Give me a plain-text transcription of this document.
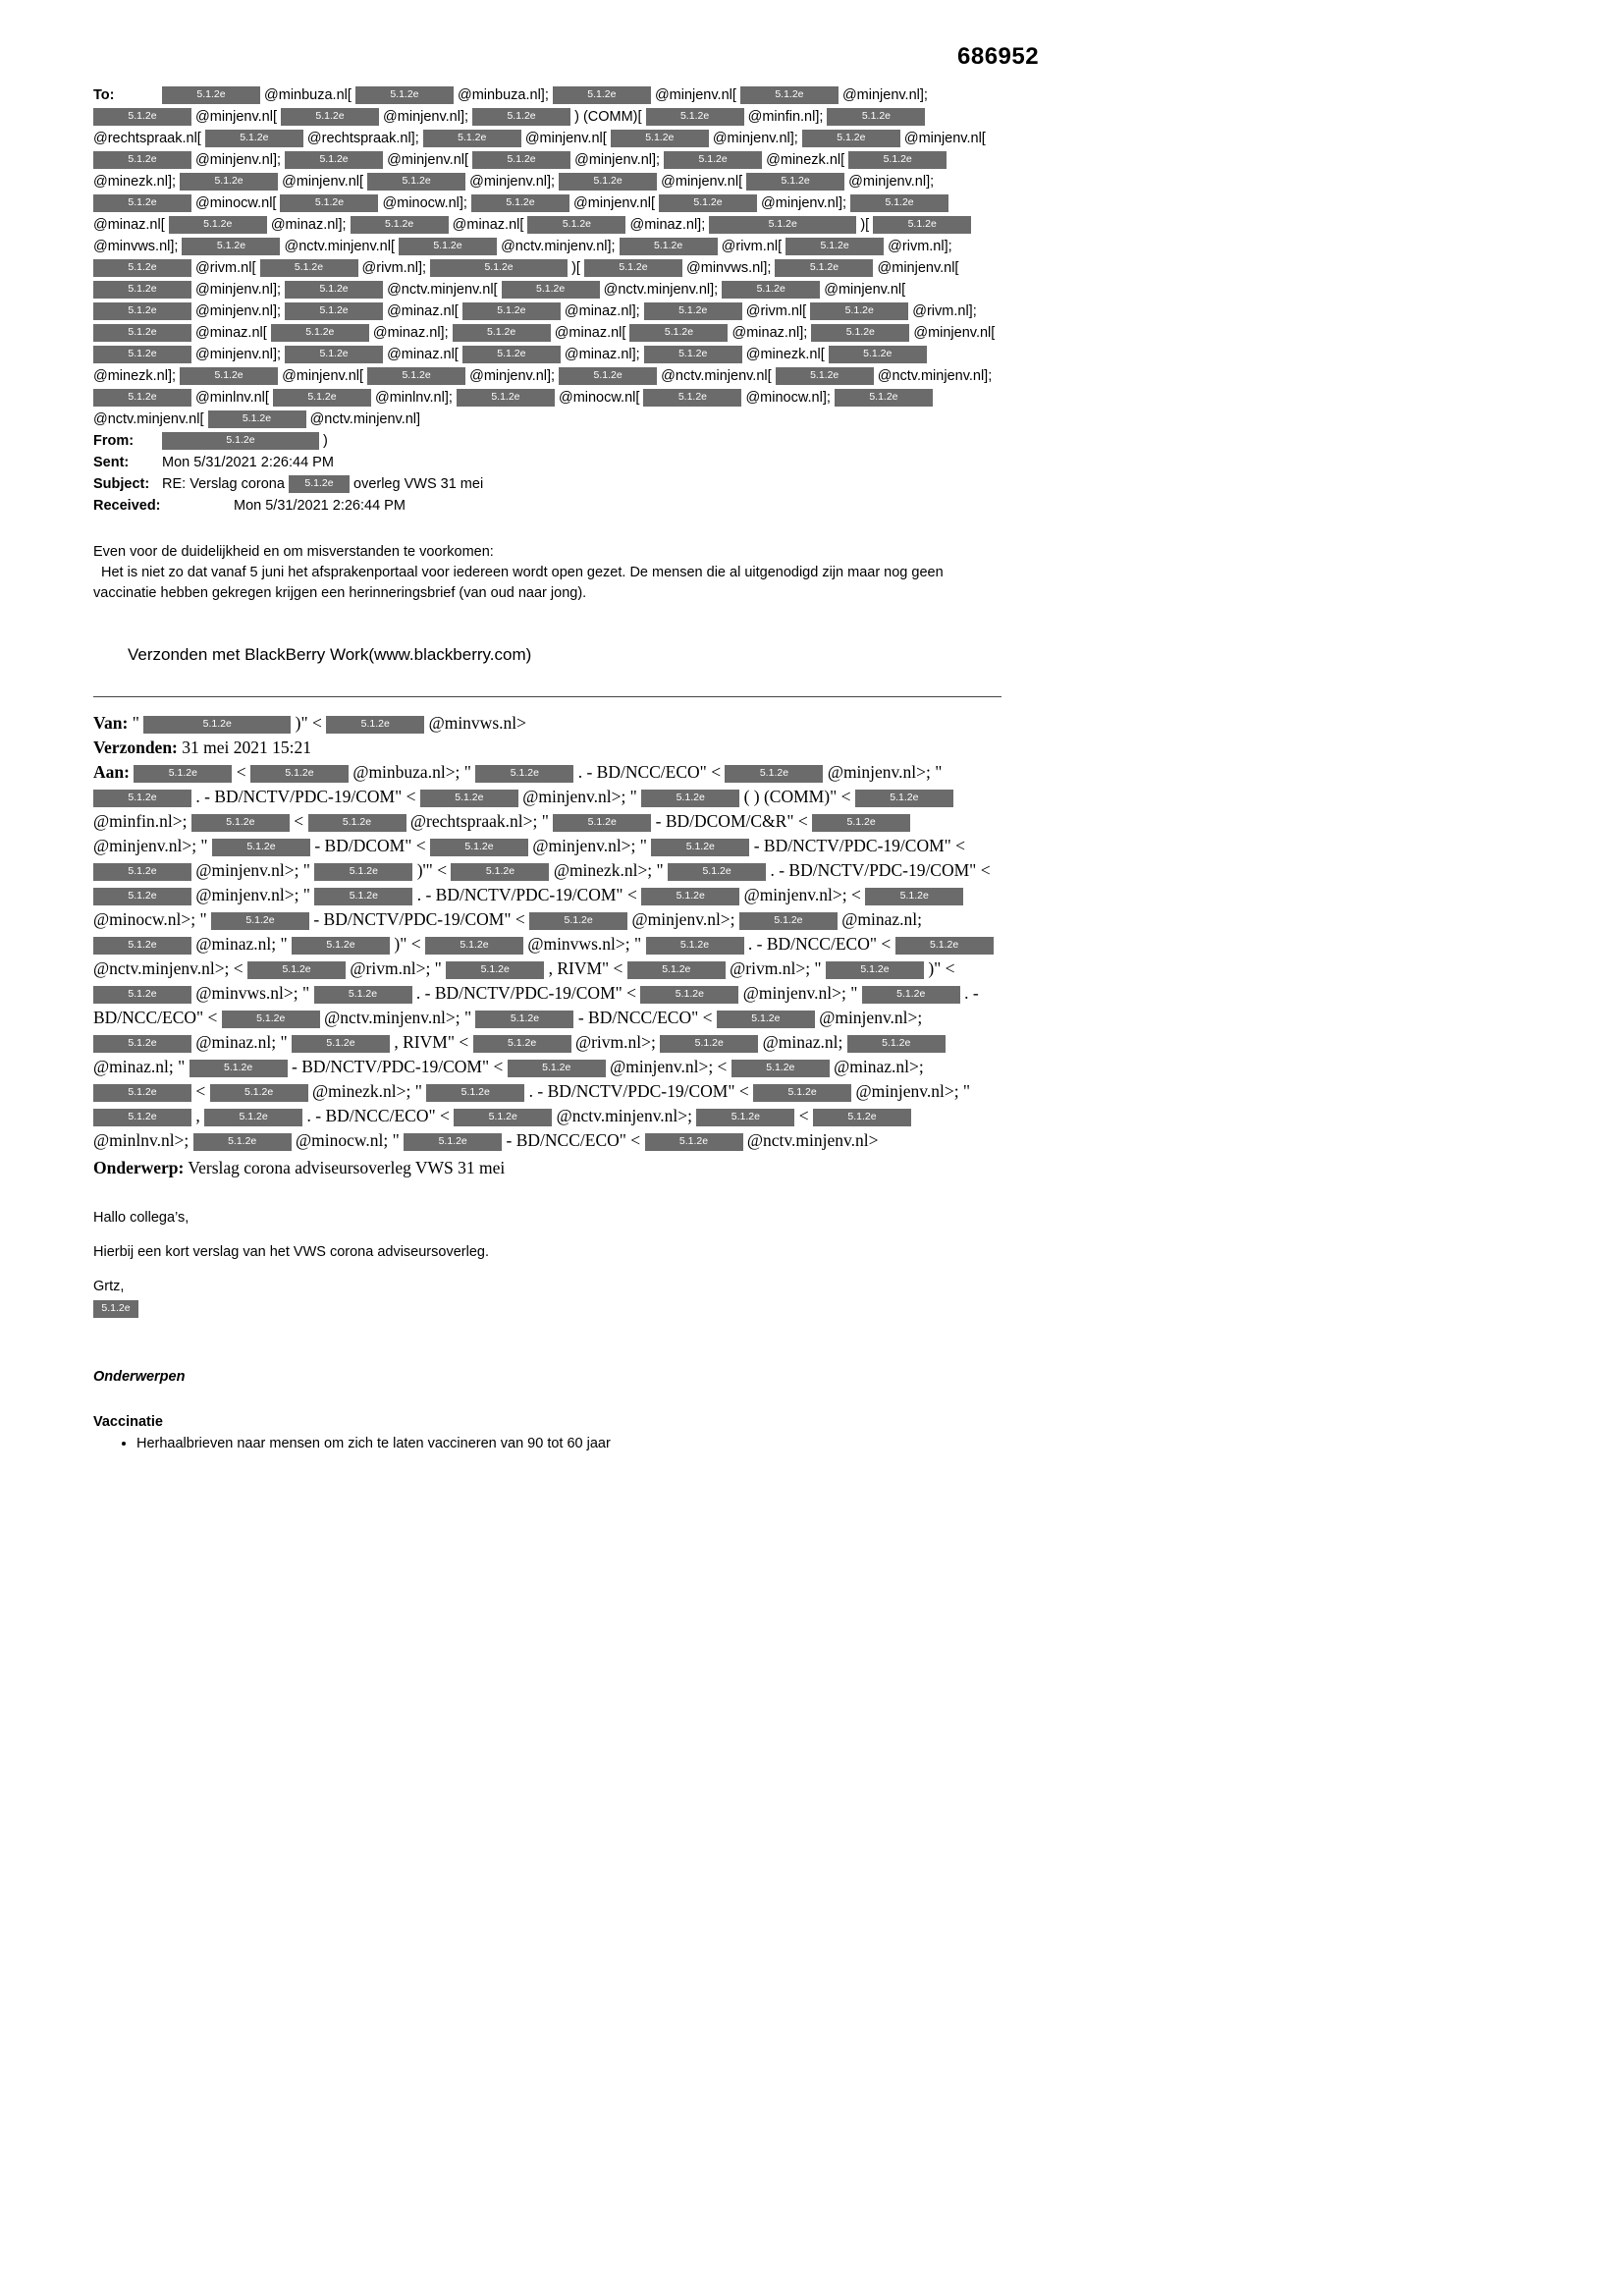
686952

To:	5.1.2e	@minbuza.nl[	5.1.2e	@minbuza.nl];	5.1.2e	@minjenv.nl[	5.1.2e	@minjenv.nl]; 5.1.2e	@minjenv.nl[	5.1.2e	@minjenv.nl];	5.1.2e	) (COMM)[	5.1.2e	@minfin.nl];	5.1.2e @rechtspraak.nl[	5.1.2e	@rechtspraak.nl];	5.1.2e	@minjenv.nl[	5.1.2e	@minjenv.nl];	5.1.2e	@minjenv.nl[ 5.1.2e	@minjenv.nl];	5.1.2e	@minjenv.nl[	5.1.2e	@minjenv.nl];	5.1.2e	@minezk.nl[	5.1.2e @minezk.nl];	5.1.2e	@minjenv.nl[	5.1.2e	@minjenv.nl];	5.1.2e	@minjenv.nl[	5.1.2e	@minjenv.nl]; 5.1.2e	@minocw.nl[	5.1.2e	@minocw.nl];	5.1.2e	@minjenv.nl[	5.1.2e	@minjenv.nl];	5.1.2e @minaz.nl[	5.1.2e	@minaz.nl];	5.1.2e	@minaz.nl[	5.1.2e	@minaz.nl];	5.1.2e	)[	5.1.2e @minvws.nl];	5.1.2e	@nctv.minjenv.nl[	5.1.2e	@nctv.minjenv.nl];	5.1.2e	@rivm.nl[	5.1.2e	@rivm.nl]; 5.1.2e	@rivm.nl[	5.1.2e	@rivm.nl];	5.1.2e	)[	5.1.2e	@minvws.nl];	5.1.2e	@minjenv.nl[ 5.1.2e	@minjenv.nl];	5.1.2e	@nctv.minjenv.nl[	5.1.2e	@nctv.minjenv.nl];	5.1.2e	@minjenv.nl[ 5.1.2e	@minjenv.nl];	5.1.2e	@minaz.nl[	5.1.2e	@minaz.nl];	5.1.2e	@rivm.nl[	5.1.2e	@rivm.nl]; 5.1.2e	@minaz.nl[	5.1.2e	@minaz.nl];	5.1.2e	@minaz.nl[	5.1.2e	@minaz.nl];	5.1.2e	@minjenv.nl[ 5.1.2e	@minjenv.nl];	5.1.2e	@minaz.nl[	5.1.2e	@minaz.nl];	5.1.2e	@minezk.nl[	5.1.2e @minezk.nl];	5.1.2e	@minjenv.nl[	5.1.2e	@minjenv.nl];	5.1.2e	@nctv.minjenv.nl[	5.1.2e	@nctv.minjenv.nl]; 5.1.2e	@minlnv.nl[	5.1.2e	@minlnv.nl];	5.1.2e	@minocw.nl[	5.1.2e	@minocw.nl];	5.1.2e @nctv.minjenv.nl[	5.1.2e	@nctv.minjenv.nl]

From:	5.1.2e	)

Sent: Mon 5/31/2021 2:26:44 PM

Subject: RE: Verslag corona 5.1.2e overleg VWS 31 mei

Received:	Mon 5/31/2021 2:26:44 PM

Even voor de duidelijkheid en om misverstanden te voorkomen:

Het is niet zo dat vanaf 5 juni het afsprakenportaal voor iedereen wordt open gezet. De mensen die al uitgenodigd zijn maar nog geen vaccinatie hebben gekregen krijgen een herinneringsbrief (van oud naar jong).

Verzonden met BlackBerry Work(www.blackberry.com)

Van: "	5.1.2e	)" <	5.1.2e @minvws.nl>

Verzonden: 31 mei 2021 15:21

Aan:	5.1.2e <	5.1.2e @minbuza.nl>; "	5.1.2e . - BD/NCC/ECO" <	5.1.2e @minjenv.nl>; " 5.1.2e . - BD/NCTV/PDC-19/COM" <	5.1.2e @minjenv.nl>; "	5.1.2e ( ) (COMM)" <	5.1.2e @minfin.nl>;	5.1.2e <	5.1.2e @rechtspraak.nl>; "	5.1.2e - BD/DCOM/C&R" <	5.1.2e @minjenv.nl>; "	5.1.2e - BD/DCOM" <	5.1.2e @minjenv.nl>; "	5.1.2e - BD/NCTV/PDC-19/COM" < 5.1.2e @minjenv.nl>; "	5.1.2e )'" <	5.1.2e @minezk.nl>; "	5.1.2e . - BD/NCTV/PDC-19/COM" < 5.1.2e @minjenv.nl>; "	5.1.2e . - BD/NCTV/PDC-19/COM" <	5.1.2e @minjenv.nl>; <	5.1.2e @minocw.nl>; "	5.1.2e - BD/NCTV/PDC-19/COM" <	5.1.2e @minjenv.nl>;	5.1.2e @minaz.nl; 5.1.2e @minaz.nl; "	5.1.2e )" <	5.1.2e @minvws.nl>; "	5.1.2e . - BD/NCC/ECO" <	5.1.2e @nctv.minjenv.nl>; <	5.1.2e @rivm.nl>; "	5.1.2e , RIVM" <	5.1.2e @rivm.nl>; "	5.1.2e )" < 5.1.2e @minvws.nl>; "	5.1.2e . - BD/NCTV/PDC-19/COM" <	5.1.2e @minjenv.nl>; "	5.1.2e . - BD/NCC/ECO" <	5.1.2e @nctv.minjenv.nl>; "	5.1.2e - BD/NCC/ECO" <	5.1.2e @minjenv.nl>; 5.1.2e @minaz.nl; "	5.1.2e , RIVM" <	5.1.2e @rivm.nl>;	5.1.2e @minaz.nl;	5.1.2e @minaz.nl; "	5.1.2e - BD/NCTV/PDC-19/COM" <	5.1.2e @minjenv.nl>; <	5.1.2e @minaz.nl>; 5.1.2e <	5.1.2e @minezk.nl>; "	5.1.2e . - BD/NCTV/PDC-19/COM" <	5.1.2e @minjenv.nl>; " 5.1.2e ,	5.1.2e . - BD/NCC/ECO" <	5.1.2e @nctv.minjenv.nl>;	5.1.2e <	5.1.2e @minlnv.nl>;	5.1.2e @minocw.nl; "	5.1.2e - BD/NCC/ECO" <	5.1.2e @nctv.minjenv.nl>

Onderwerp: Verslag corona adviseursoverleg VWS 31 mei

Hallo collega’s,

Hierbij een kort verslag van het VWS corona adviseursoverleg.

Grtz,

5.1.2e

Onderwerpen

Vaccinatie

• Herhaalbrieven naar mensen om zich te laten vaccineren van 90 tot 60 jaar
